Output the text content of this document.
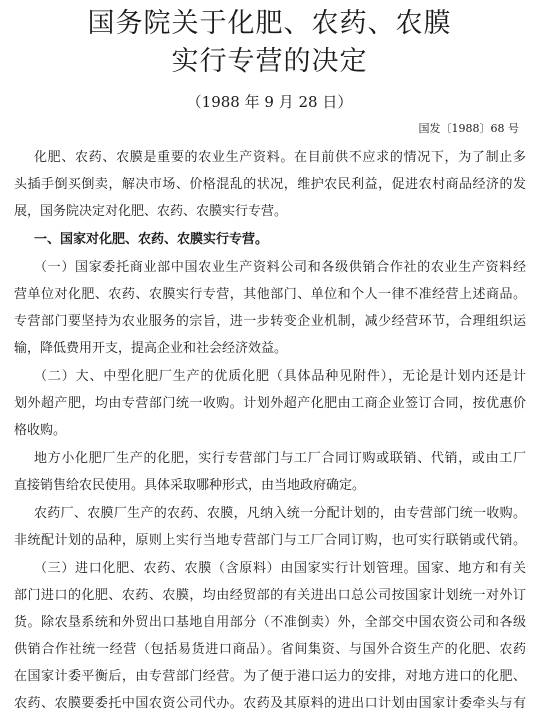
国务院关于化肥、农药、农膜
实行专营的决定
（1988 年 9 月 28 日）
国发〔1988〕68 号
化肥、农药、农膜是重要的农业生产资料。在目前供不应求的情况下，为了制止多
头插手倒买倒卖，解决市场、价格混乱的状况，维护农民利益，促进农村商品经济的发
展，国务院决定对化肥、农药、农膜实行专营。
一、国家对化肥、农药、农膜实行专营。
（一）国家委托商业部中国农业生产资料公司和各级供销合作社的农业生产资料经
营单位对化肥、农药、农膜实行专营，其他部门、单位和个人一律不准经营上述商品。
专营部门要坚持为农业服务的宗旨，进一步转变企业机制，减少经营环节，合理组织运
输，降低费用开支，提高企业和社会经济效益。
（二）大、中型化肥厂生产的优质化肥（具体品种见附件），无论是计划内还是计
划外超产肥，均由专营部门统一收购。计划外超产化肥由工商企业签订合同，按优惠价
格收购。
地方小化肥厂生产的化肥，实行专营部门与工厂合同订购或联销、代销，或由工厂
直接销售给农民使用。具体采取哪种形式，由当地政府确定。
农药厂、农膜厂生产的农药、农膜，凡纳入统一分配计划的，由专营部门统一收购。
非统配计划的品种，原则上实行当地专营部门与工厂合同订购，也可实行联销或代销。
（三）进口化肥、农药、农膜（含原料）由国家实行计划管理。国家、地方和有关
部门进口的化肥、农药、农膜，均由经贸部的有关进出口总公司按国家计划统一对外订
货。除农垦系统和外贸出口基地自用部分（不准倒卖）外，全部交中国农资公司和各级
供销合作社统一经营（包括易货进口商品）。省间集资、与国外合资生产的化肥、农药
在国家计委平衡后，由专营部门经营。为了便于港口运力的安排，对地方进口的化肥、
农药、农膜要委托中国农资公司代办。农药及其原料的进出口计划由国家计委牵头与有
